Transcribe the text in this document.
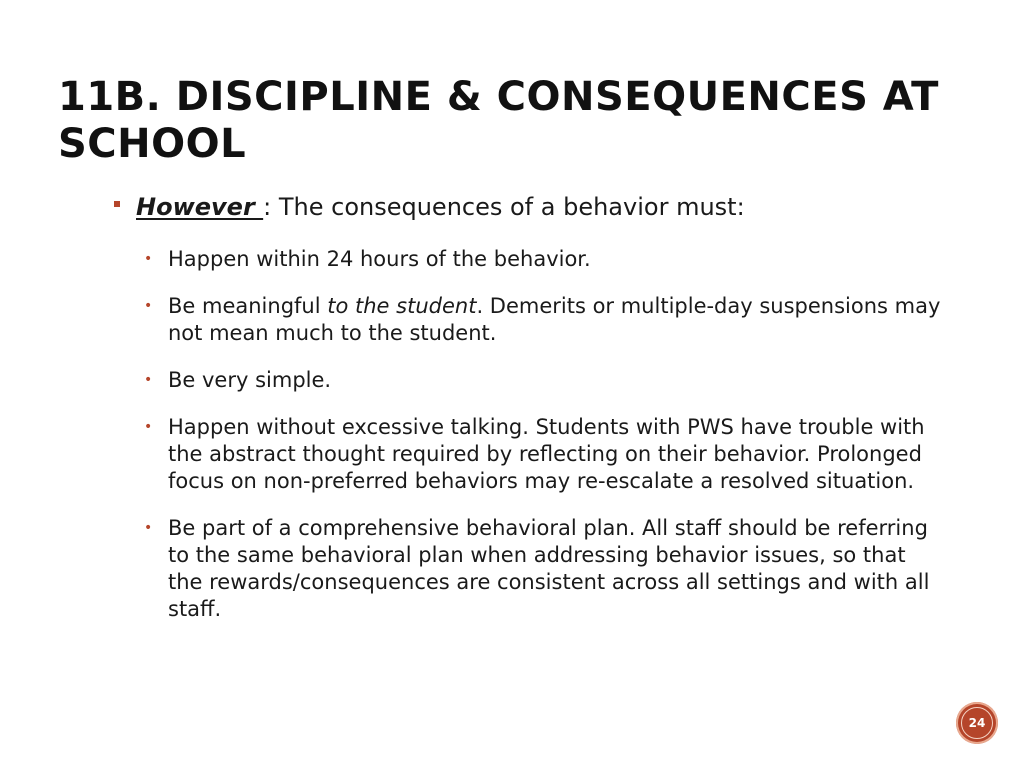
11B. DISCIPLINE & CONSEQUENCES AT SCHOOL
However : The consequences of a behavior must:
• Happen within 24 hours of the behavior.
• Be meaningful to the student. Demerits or multiple-day suspensions may not mean much to the student.
• Be very simple.
• Happen without excessive talking. Students with PWS have trouble with the abstract thought required by reflecting on their behavior. Prolonged focus on non-preferred behaviors may re-escalate a resolved situation.
• Be part of a comprehensive behavioral plan. All staff should be referring to the same behavioral plan when addressing behavior issues, so that the rewards/consequences are consistent across all settings and with all staff.
24
